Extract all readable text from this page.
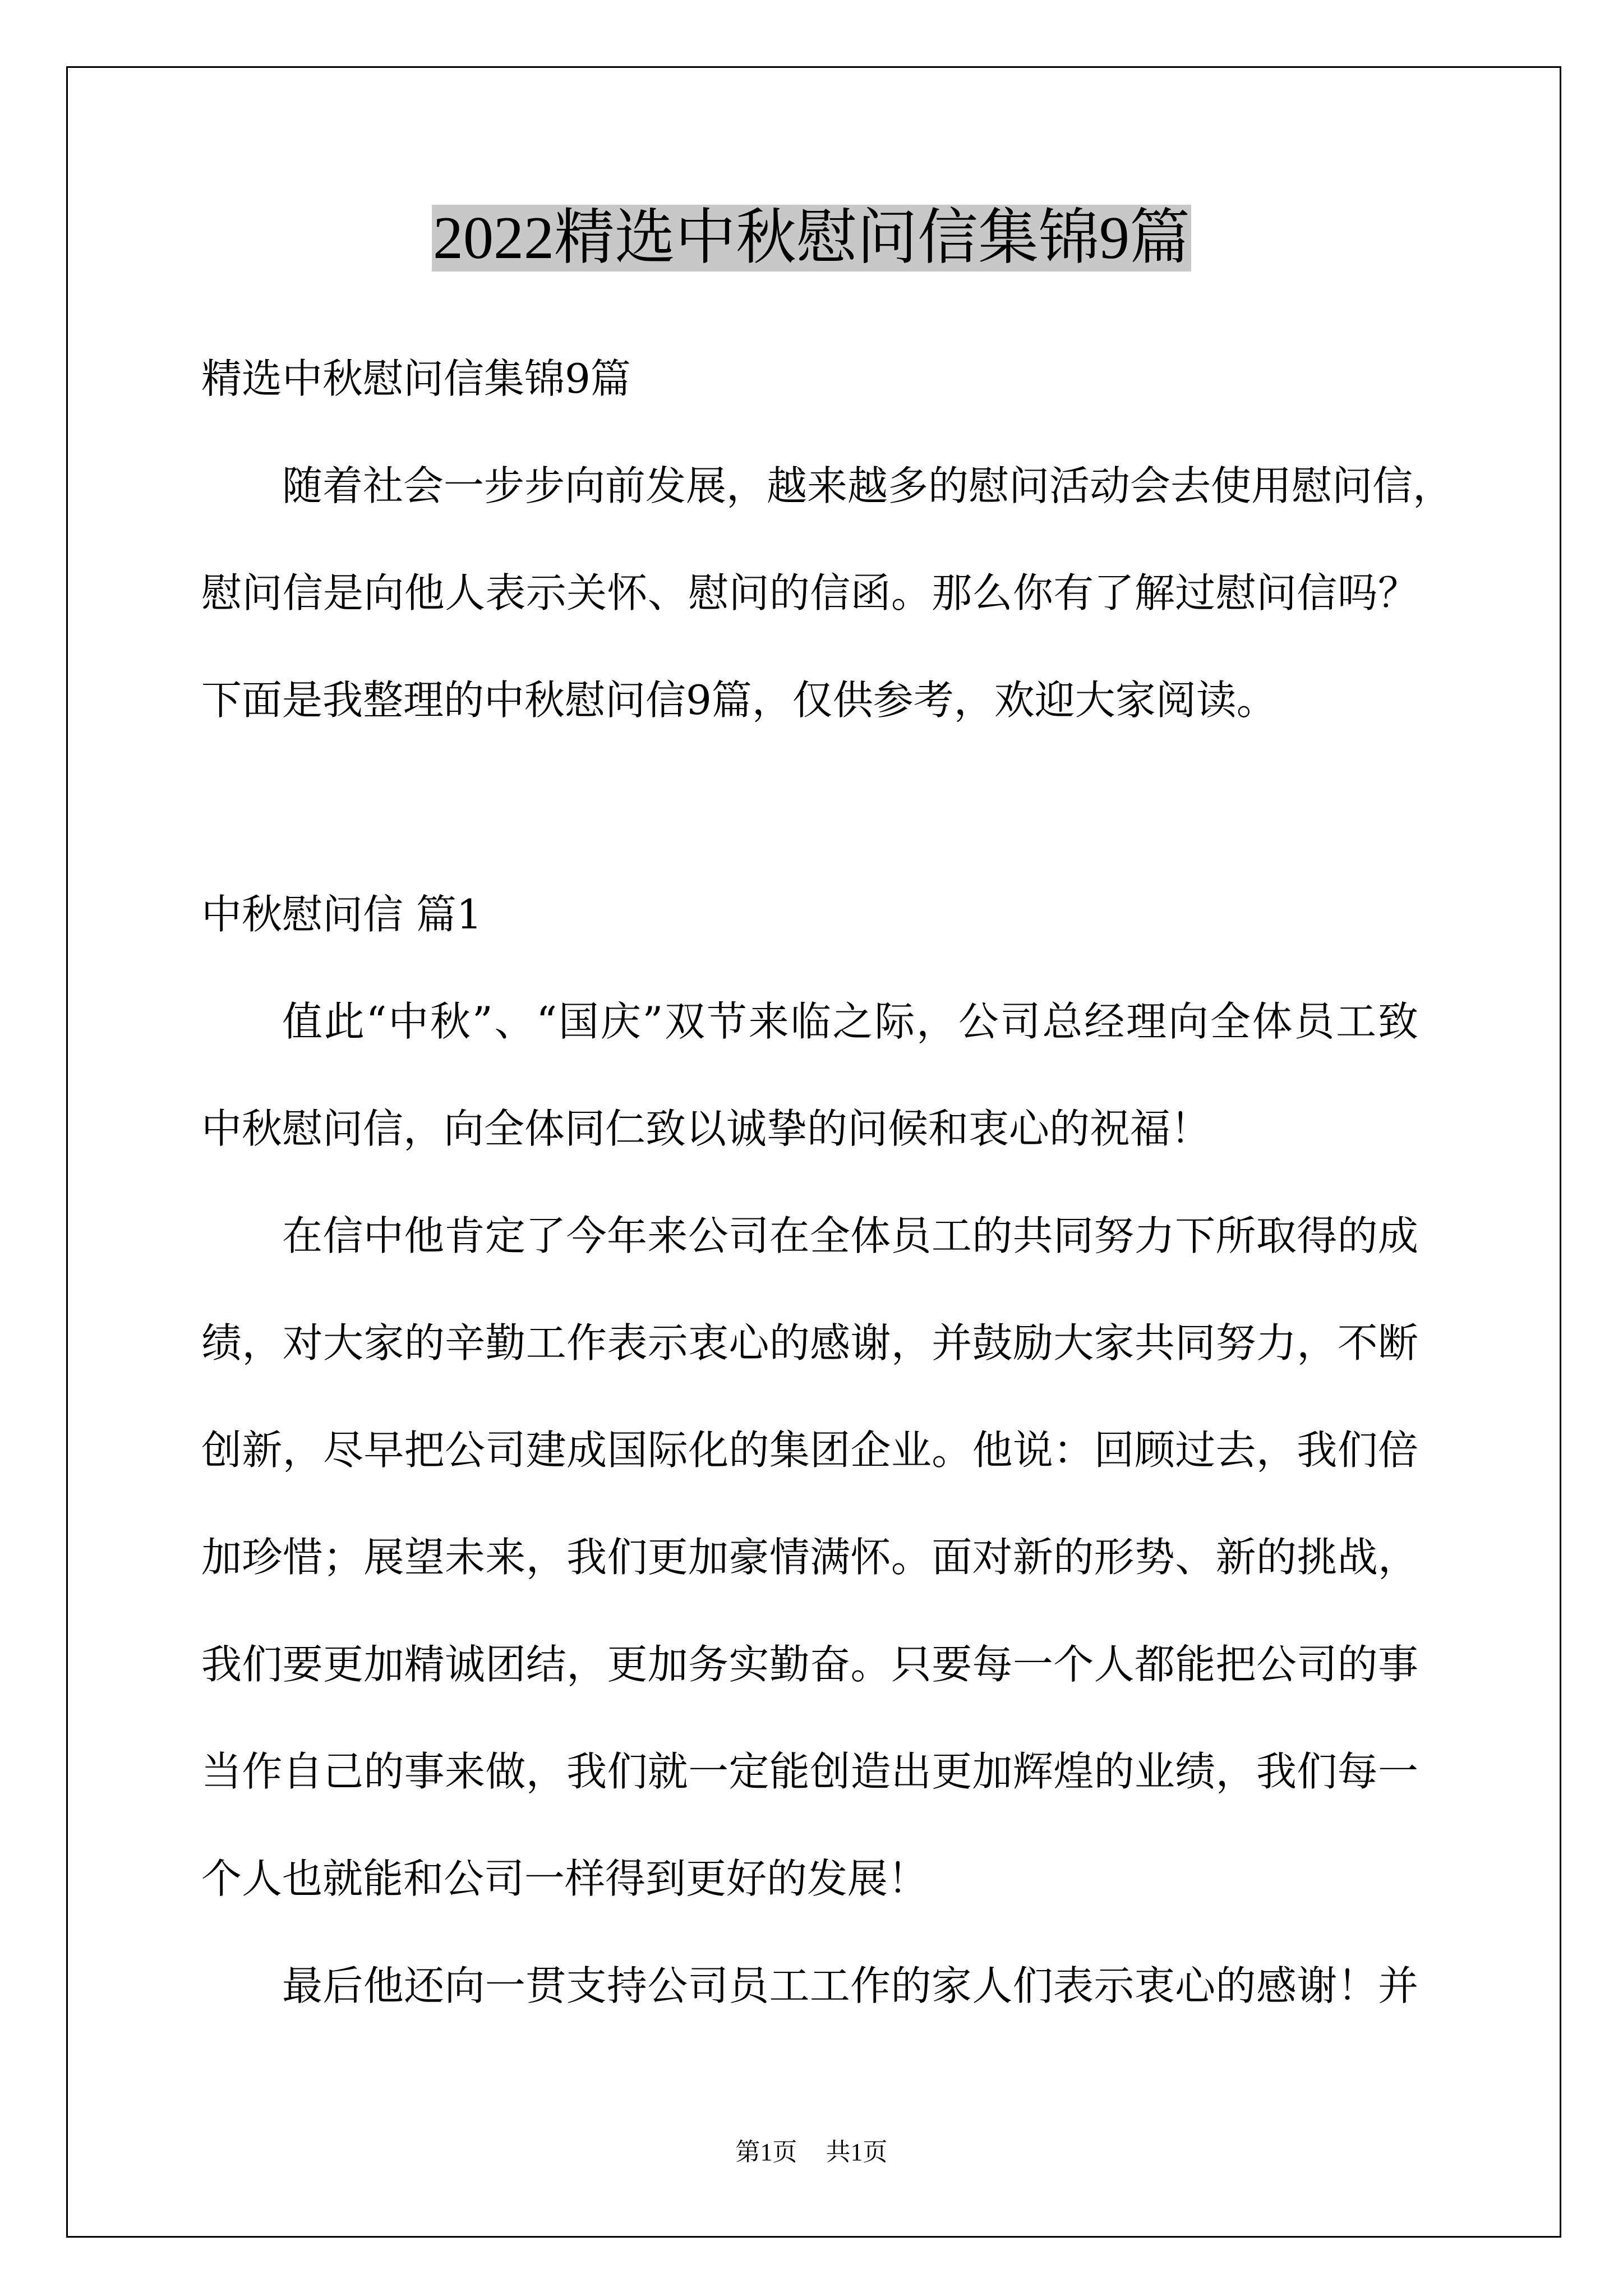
2022精选中秋慰问信集锦9篇
精选中秋慰问信集锦9篇
随着社会一步步向前发展，越来越多的慰问活动会去使用慰问信，
慰问信是向他人表示关怀、慰问的信函。那么你有了解过慰问信吗？
下面是我整理的中秋慰问信9篇，仅供参考，欢迎大家阅读。
中秋慰问信 篇1
值此“中秋”、“国庆”双节来临之际，公司总经理向全体员工致
中秋慰问信，向全体同仁致以诚挚的问候和衷心的祝福！
在信中他肯定了今年来公司在全体员工的共同努力下所取得的成
绩，对大家的辛勤工作表示衷心的感谢，并鼓励大家共同努力，不断
创新，尽早把公司建成国际化的集团企业。他说：回顾过去，我们倍
加珍惜；展望未来，我们更加豪情满怀。面对新的形势、新的挑战，
我们要更加精诚团结，更加务实勤奋。只要每一个人都能把公司的事
当作自己的事来做，我们就一定能创造出更加辉煌的业绩，我们每一
个人也就能和公司一样得到更好的发展！
最后他还向一贯支持公司员工工作的家人们表示衷心的感谢！并
第1页 共1页
